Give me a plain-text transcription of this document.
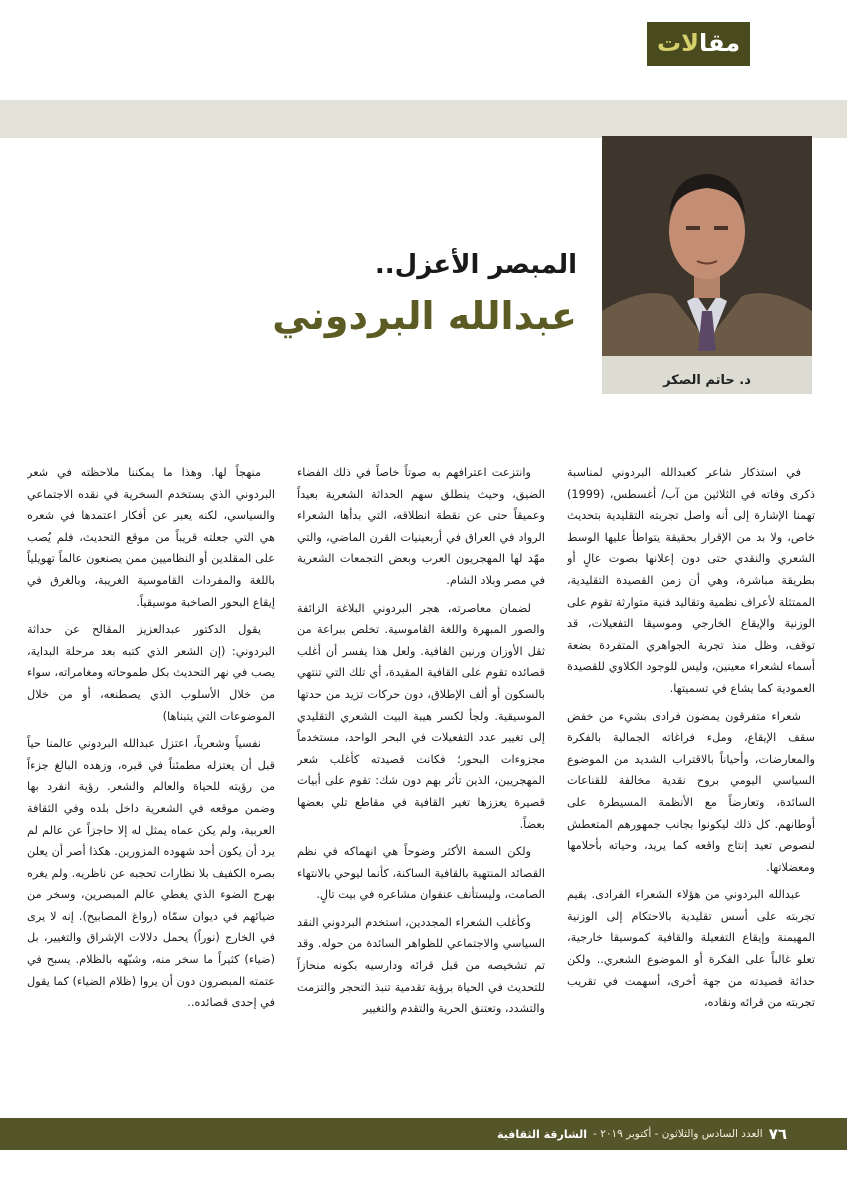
مقا
لات
د. حاتم الصكر
المبصر الأعزل..
عبدالله البردوني

في استذكار شاعر كعبدالله البردوني لمناسبة ذكرى وفاته في الثلاثين من آب/ أغسطس، (1999) تهمنا الإشارة إلى أنه واصل تجربته التقليدية بتحديث خاص، ولا بد من الإقرار بحقيقة يتواطأ عليها الوسط الشعري والنقدي حتى دون إعلانها بصوت عالٍ أو بطريقة مباشرة، وهي أن زمن القصيدة التقليدية، الممتثلة لأعراف نظمية وتقاليد فنية متوارثة تقوم على الوزنية والإيقاع الخارجي وموسيقا التفعيلات، قد توقف، وظل منذ تجربة الجواهري المتفردة بضعة أسماء لشعراء معينين، وليس للوجود الكلاوي للقصيدة العمودية كما يشاع في تسميتها.

شعراء متفرقون يمضون فرادى بشيء من خفض سقف الإيقاع، وملء فراغاته الجمالية بالفكرة والمعارضات، وأحياناً بالاقتراب الشديد من الموضوع السياسي اليومي بروح نقدية مخالفة للقناعات السائدة، وتعارضاً مع الأنظمة المسيطرة على أوطانهم. كل ذلك ليكونوا بجانب جمهورهم المتعطش لنصوص تعيد إنتاج واقعه كما يريد، وحياته بأحلامها ومعضلاتها.

عبدالله البردوني من هؤلاء الشعراء الفرادى. يقيم تجربته على أسس تقليدية بالاحتكام إلى الوزنية المهيمنة وإيقاع التفعيلة والقافية كموسيقا خارجية، تعلو غالباً على الفكرة أو الموضوع الشعري.. ولكن حداثة قصيدته من جهة أخرى، أسهمت في تقريب تجربته من قرائه ونقاده،

وانتزعت اعترافهم به صوتاً خاصاً في ذلك الفضاء الضيق، وحيث ينطلق سهم الحداثة الشعرية بعيداً وعميقاً حتى عن نقطة انطلاقه، التي بدأها الشعراء الرواد في العراق في أربعينيات القرن الماضي، والتي مهّد لها المهجريون العرب وبعض التجمعات الشعرية في مصر وبلاد الشام.

لضمان معاصرته، هجر البردوني البلاغة الزائفة والصور المبهرة واللغة القاموسية. تخلص ببراعة من ثقل الأوزان ورنين القافية. ولعل هذا يفسر أن أغلب قصائده تقوم على القافية المقيدة، أي تلك التي تنتهي بالسكون أو ألف الإطلاق، دون حركات تزيد من حدتها الموسيقية. ولجأ لكسر هيبة البيت الشعري التقليدي إلى تغيير عدد التفعيلات في البحر الواحد، مستخدماً مجزوءات البحور؛ فكانت قصيدته كأغلب شعر المهجريين، الذين تأثر بهم دون شك: تقوم على أبيات قصيرة يعززها تغير القافية في مقاطع تلي بعضها بعضاً.

ولكن السمة الأكثر وضوحاً هي انهماكه في نظم القصائد المنتهية بالقافية الساكنة، كأنما ليوحي بالانتهاء الصامت، وليستأنف عنفوان مشاعره في بيت تالٍ.

وكأغلب الشعراء المجددين، استخدم البردوني النقد السياسي والاجتماعي للظواهر السائدة من حوله. وقد تم تشخيصه من قبل قرائه ودارسيه بكونه منحازاً للتحديث في الحياة برؤية تقدمية تنبذ التحجر والتزمت والتشدد، وتعتنق الحرية والتقدم والتغيير

منهجاً لها. وهذا ما يمكننا ملاحظته في شعر البردوني الذي يستخدم السخرية في نقده الاجتماعي والسياسي، لكنه يعبر عن أفكار اعتمدها في شعره هي التي جعلته قريباً من موقع التحديث، فلم يُصب على المقلدين أو النظاميين ممن يصنعون عالماً تهويلياً باللغة والمفردات القاموسية الغريبة، وبالغرق في إيقاع البحور الصاخبة موسيقياً.

يقول الدكتور عبدالعزيز المقالح عن حداثة البردوني: (إن الشعر الذي كتبه بعد مرحلة البداية، يصب في نهر التحديث بكل طموحاته ومغامراته، سواء من خلال الأسلوب الذي يصطنعه، أو من خلال الموضوعات التي يتبناها)

نفسياً وشعرياً، اعتزل عبدالله البردوني عالمنا حياً قبل أن يعتزله مطمئناً في قبره، وزهده البالغ جزءاً من رؤيته للحياة والعالم والشعر. رؤية انفرد بها وضمن موقعه في الشعرية داخل بلده وفي الثقافة العربية، ولم يكن عماه يمثل له إلا حاجزاً عن عالم لم يرد أن يكون أحد شهوده المزورين. هكذا أصر أن يعلن بصره الكفيف بلا نظارات تحجبه عن ناظريه. ولم يغره بهرج الضوء الذي يغطي عالم المبصرين، وسخر من ضيائهم في ديوان سمّاه (رواغ المصابيح). إنه لا يرى في الخارج (نوراً) يحمل دلالات الإشراق والتغيير، بل (ضياء) كثيراً ما سخر منه، وشبّهه بالظلام. يسبح في عتمته المبصرون دون أن يروا (ظلام الضياء) كما يقول في إحدى قصائده..

٧٦
العدد السادس والثلاثون - أكتوبر ٢٠١٩ -
الشارقة الثقافية
